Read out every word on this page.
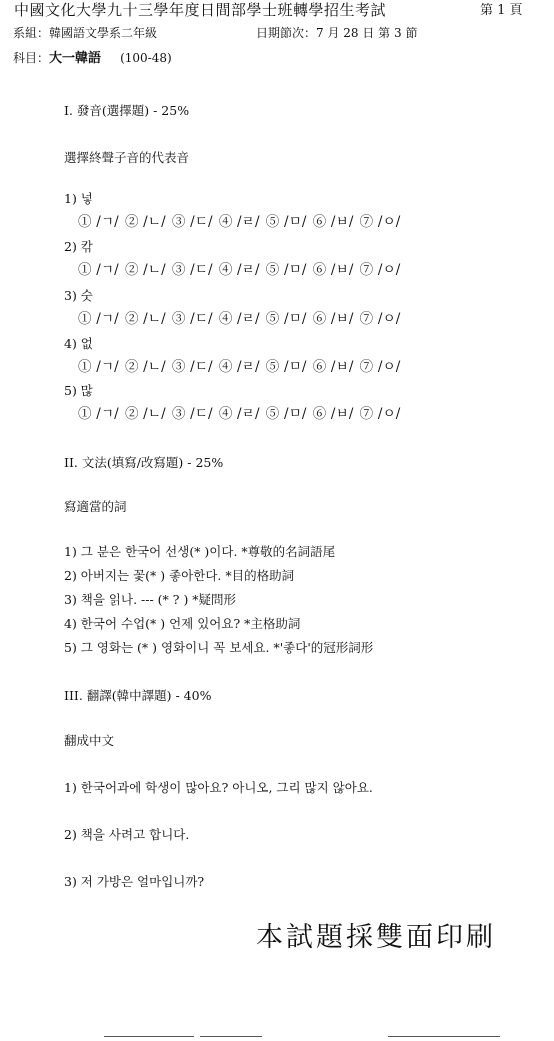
中國文化大學九十三學年度日間部學士班轉學招生考試	第 1 頁
系組：韓國語文學系二年級	日期節次：7 月 28 日 第 3 節
科目：大一韓語 (100-48)
I. 發音(選擇題) - 25%
選擇終聲子音的代表音
1) 넣
① /ㄱ/ ② /ㄴ/ ③ /ㄷ/ ④ /ㄹ/ ⑤ /ㅁ/ ⑥ /ㅂ/ ⑦ /ㅇ/
2) 칶
① /ㄱ/ ② /ㄴ/ ③ /ㄷ/ ④ /ㄹ/ ⑤ /ㅁ/ ⑥ /ㅂ/ ⑦ /ㅇ/
3) 숫
① /ㄱ/ ② /ㄴ/ ③ /ㄷ/ ④ /ㄹ/ ⑤ /ㅁ/ ⑥ /ㅂ/ ⑦ /ㅇ/
4) 없
① /ㄱ/ ② /ㄴ/ ③ /ㄷ/ ④ /ㄹ/ ⑤ /ㅁ/ ⑥ /ㅂ/ ⑦ /ㅇ/
5) 많
① /ㄱ/ ② /ㄴ/ ③ /ㄷ/ ④ /ㄹ/ ⑤ /ㅁ/ ⑥ /ㅂ/ ⑦ /ㅇ/
II. 文法(填寫/改寫題) - 25%
寫適當的詞
1) 그 분은 한국어 선생(* )이다. *尊敬的名詞語尾
2) 아버지는 꽃(* ) 좋아한다. *目的格助詞
3) 책을 읽나. --- (* ? ) *疑問形
4) 한국어 수업(* ) 언제 있어요? *主格助詞
5) 그 영화는 (* ) 영화이니 꼭 보세요. *'좋다'的冠形詞形
III. 翻譯(韓中譯題) - 40%
翻成中文
1) 한국어과에 학생이 많아요? 아니오, 그리 많지 않아요.
2) 책을 사려고 합니다.
3) 저 가방은 얼마입니까?
本試題採雙面印刷
